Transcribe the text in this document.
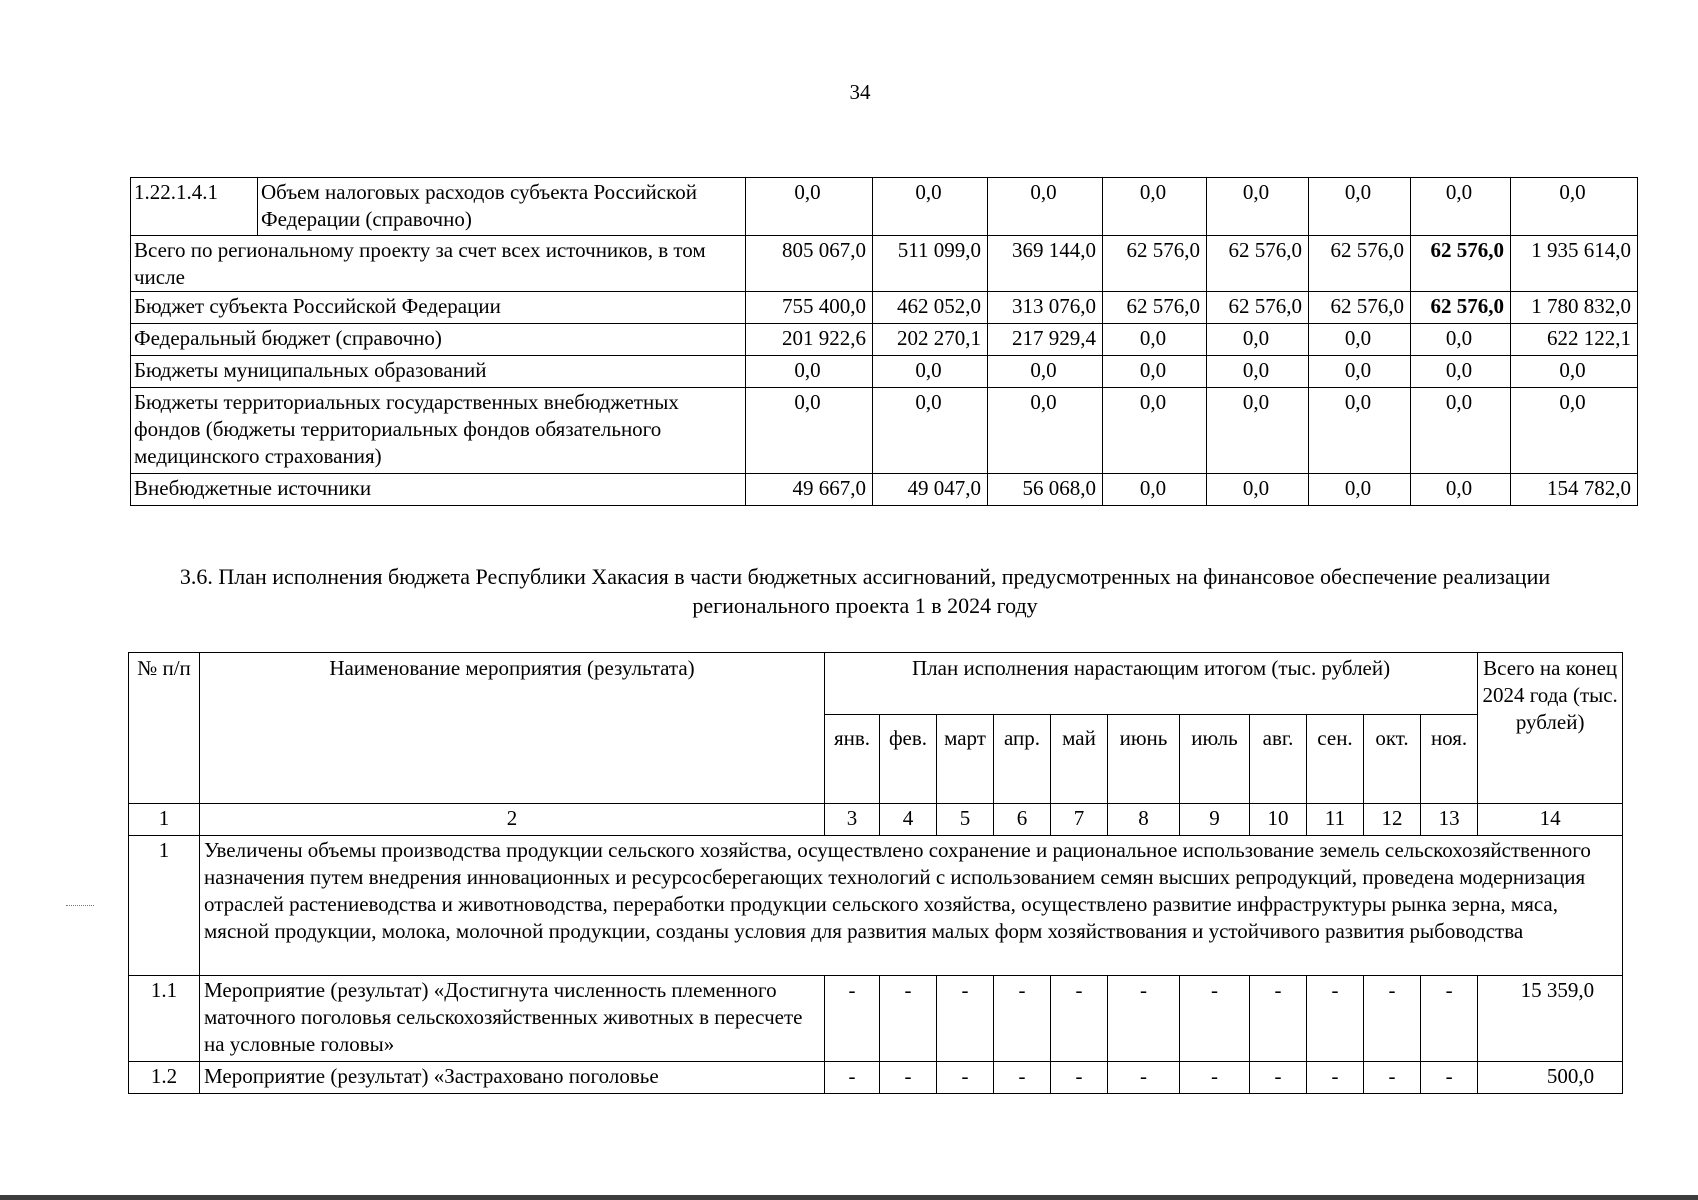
34
1.22.1.4.1	Объем налоговых расходов субъекта Российской Федерации (справочно)	0,0	0,0	0,0	0,0	0,0	0,0	0,0	0,0
Всего по региональному проекту за счет всех источников, в том числе		805 067,0	511 099,0	369 144,0	62 576,0	62 576,0	62 576,0	62 576,0	1 935 614,0
Бюджет субъекта Российской Федерации		755 400,0	462 052,0	313 076,0	62 576,0	62 576,0	62 576,0	62 576,0	1 780 832,0
Федеральный бюджет (справочно)		201 922,6	202 270,1	217 929,4	0,0	0,0	0,0	0,0	622 122,1
Бюджеты муниципальных образований		0,0	0,0	0,0	0,0	0,0	0,0	0,0	0,0
Бюджеты территориальных государственных внебюджетных фондов (бюджеты территориальных фондов обязательного медицинского страхования)		0,0	0,0	0,0	0,0	0,0	0,0	0,0	0,0
Внебюджетные источники		49 667,0	49 047,0	56 068,0	0,0	0,0	0,0	0,0	154 782,0
3.6. План исполнения бюджета Республики Хакасия в части бюджетных ассигнований, предусмотренных на финансовое обеспечение реализации регионального проекта 1 в 2024 году
№ п/п	Наименование мероприятия (результата)	План исполнения нарастающим итогом (тыс. рублей)											Всего на конец 2024 года (тыс. рублей)
		янв.	фев.	март	апр.	май	июнь	июль	авг.	сен.	окт.	ноя.	
1	2	3	4	5	6	7	8	9	10	11	12	13	14
1	Увеличены объемы производства продукции сельского хозяйства, осуществлено сохранение и рациональное использование земель сельскохозяйственного назначения путем внедрения инновационных и ресурсосберегающих технологий с использованием семян высших репродукций, проведена модернизация отраслей растениеводства и животноводства, переработки продукции сельского хозяйства, осуществлено развитие инфраструктуры рынка зерна, мяса, мясной продукции, молока, молочной продукции, созданы условия для развития малых форм хозяйствования и устойчивого развития рыбоводства												
1.1	Мероприятие (результат) «Достигнута численность племенного маточного поголовья сельскохозяйственных животных в пересчете на условные головы»	-	-	-	-	-	-	-	-	-	-	-	15 359,0
1.2	Мероприятие (результат) «Застраховано поголовье	-	-	-	-	-	-	-	-	-	-	-	500,0
